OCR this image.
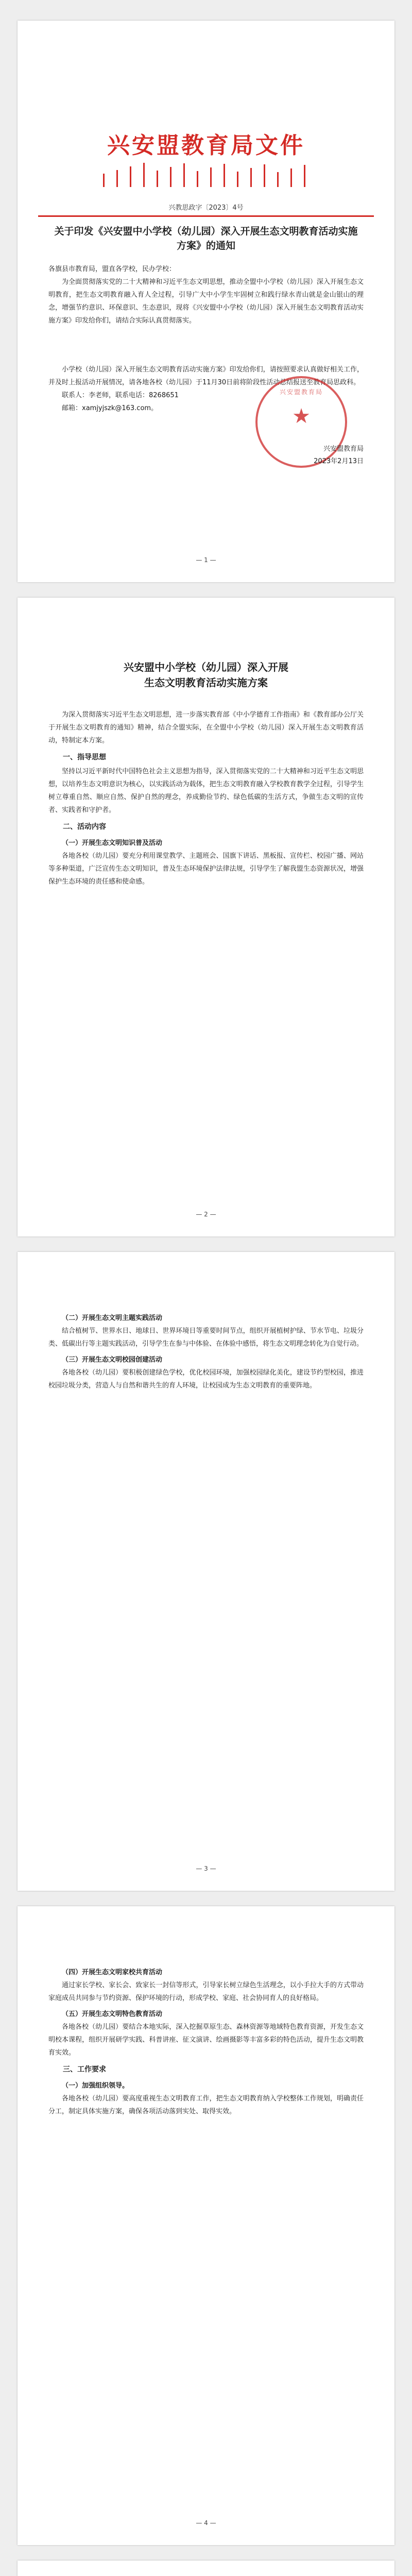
兴安盟教育局文件
兴教思政字〔2023〕4号
关于印发《兴安盟中小学校（幼儿园）深入开展生态文明教育活动实施方案》的通知

各旗县市教育局，盟直各学校，民办学校：

为全面贯彻落实党的二十大精神和习近平生态文明思想，推动全盟中小学校（幼儿园）深入开展生态文明教育，把生态文明教育融入育人全过程，引导广大中小学生牢固树立和践行绿水青山就是金山银山的理念，增强节约意识、环保意识、生态意识，现将《兴安盟中小学校（幼儿园）深入开展生态文明教育活动实施方案》印发给你们，请结合实际认真贯彻落实。

小学校（幼儿园）深入开展生态文明教育活动实施方案》印发给你们，请按照要求认真做好相关工作，并及时上报活动开展情况，请各地各校（幼儿园）于11月30日前将阶段性活动总结报送至教育局思政科。

联系人：李老师，联系电话：8268651

邮箱：xamjyjszk@163.com。

兴安盟教育局
★
兴安盟教育局
2023年2月13日
— 1 —
兴安盟中小学校（幼儿园）深入开展
生态文明教育活动实施方案

为深入贯彻落实习近平生态文明思想，进一步落实教育部《中小学德育工作指南》和《教育部办公厅关于开展生态文明教育的通知》精神，结合全盟实际，在全盟中小学校（幼儿园）深入开展生态文明教育活动，特制定本方案。

一、指导思想

坚持以习近平新时代中国特色社会主义思想为指导，深入贯彻落实党的二十大精神和习近平生态文明思想，以培养生态文明意识为核心，以实践活动为载体，把生态文明教育融入学校教育教学全过程，引导学生树立尊重自然、顺应自然、保护自然的理念，养成勤俭节约、绿色低碳的生活方式，争做生态文明的宣传者、实践者和守护者。

二、活动内容
（一）开展生态文明知识普及活动

各地各校（幼儿园）要充分利用课堂教学、主题班会、国旗下讲话、黑板报、宣传栏、校园广播、网站等多种渠道，广泛宣传生态文明知识，普及生态环境保护法律法规，引导学生了解我盟生态资源状况，增强保护生态环境的责任感和使命感。

— 2 —
（二）开展生态文明主题实践活动

结合植树节、世界水日、地球日、世界环境日等重要时间节点，组织开展植树护绿、节水节电、垃圾分类、低碳出行等主题实践活动，引导学生在参与中体验、在体验中感悟，将生态文明理念转化为自觉行动。

（三）开展生态文明校园创建活动

各地各校（幼儿园）要积极创建绿色学校，优化校园环境，加强校园绿化美化，建设节约型校园，推进校园垃圾分类，营造人与自然和谐共生的育人环境，让校园成为生态文明教育的重要阵地。

— 3 —
（四）开展生态文明家校共育活动

通过家长学校、家长会、致家长一封信等形式，引导家长树立绿色生活理念，以小手拉大手的方式带动家庭成员共同参与节约资源、保护环境的行动，形成学校、家庭、社会协同育人的良好格局。

（五）开展生态文明特色教育活动

各地各校（幼儿园）要结合本地实际，深入挖掘草原生态、森林资源等地域特色教育资源，开发生态文明校本课程，组织开展研学实践、科普讲座、征文演讲、绘画摄影等丰富多彩的特色活动，提升生态文明教育实效。

三、工作要求
（一）加强组织领导。

各地各校（幼儿园）要高度重视生态文明教育工作，把生态文明教育纳入学校整体工作规划，明确责任分工，制定具体实施方案，确保各项活动落到实处、取得实效。

— 4 —
